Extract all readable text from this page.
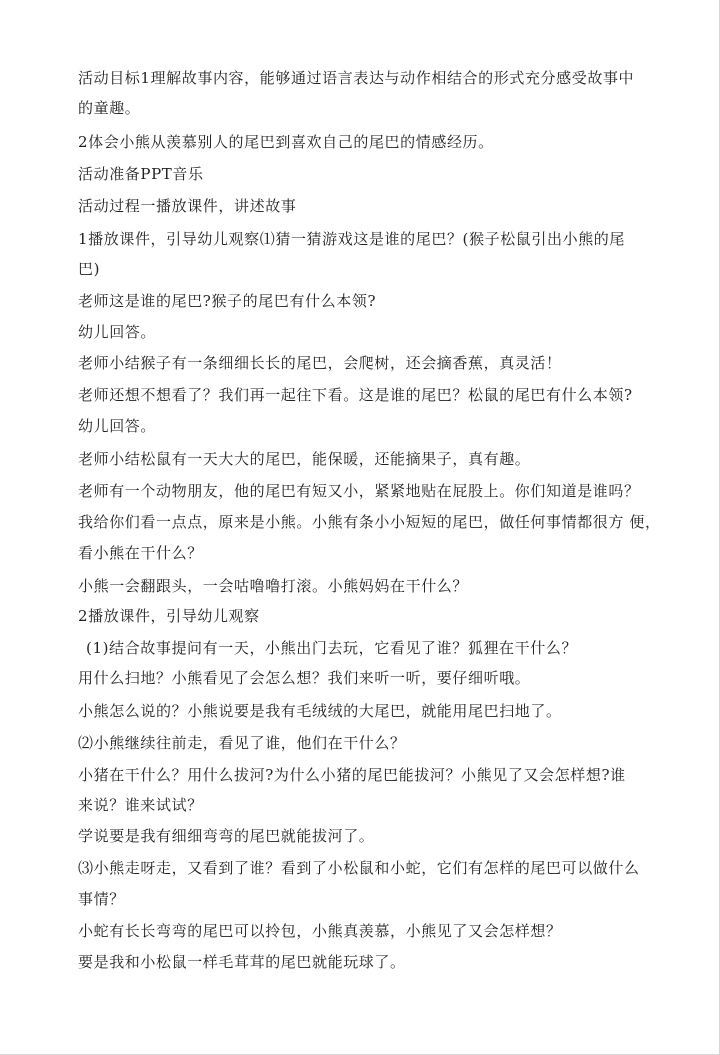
活动目标1理解故事内容，能够通过语言表达与动作相结合的形式充分感受故事中
的童趣。
2体会小熊从羡慕别人的尾巴到喜欢自己的尾巴的情感经历。
活动准备PPT音乐
活动过程一播放课件，讲述故事
1播放课件，引导幼儿观察⑴猜一猜游戏这是谁的尾巴？(猴子松鼠引出小熊的尾
巴)
老师这是谁的尾巴?猴子的尾巴有什么本领?
幼儿回答。
老师小结猴子有一条细细长长的尾巴，会爬树，还会摘香蕉，真灵活！
老师还想不想看了？我们再一起往下看。这是谁的尾巴？松鼠的尾巴有什么本领?
幼儿回答。
老师小结松鼠有一天大大的尾巴，能保暖，还能摘果子，真有趣。
老师有一个动物朋友，他的尾巴有短又小，紧紧地贴在屁股上。你们知道是谁吗？
我给你们看一点点，原来是小熊。小熊有条小小短短的尾巴，做任何事情都很方 便，
看小熊在干什么？
小熊一会翻跟头，一会咕噜噜打滚。小熊妈妈在干什么？
2播放课件，引导幼儿观察
(1)结合故事提问有一天，小熊出门去玩，它看见了谁？狐狸在干什么？
用什么扫地？小熊看见了会怎么想？我们来听一听，要仔细听哦。
小熊怎么说的？小熊说要是我有毛绒绒的大尾巴，就能用尾巴扫地了。
⑵小熊继续往前走，看见了谁，他们在干什么？
小猪在干什么？用什么拔河?为什么小猪的尾巴能拔河？小熊见了又会怎样想?谁
来说？谁来试试？
学说要是我有细细弯弯的尾巴就能拔河了。
⑶小熊走呀走，又看到了谁？看到了小松鼠和小蛇，它们有怎样的尾巴可以做什么
事情？
小蛇有长长弯弯的尾巴可以拎包，小熊真羡慕，小熊见了又会怎样想？
要是我和小松鼠一样毛茸茸的尾巴就能玩球了。
